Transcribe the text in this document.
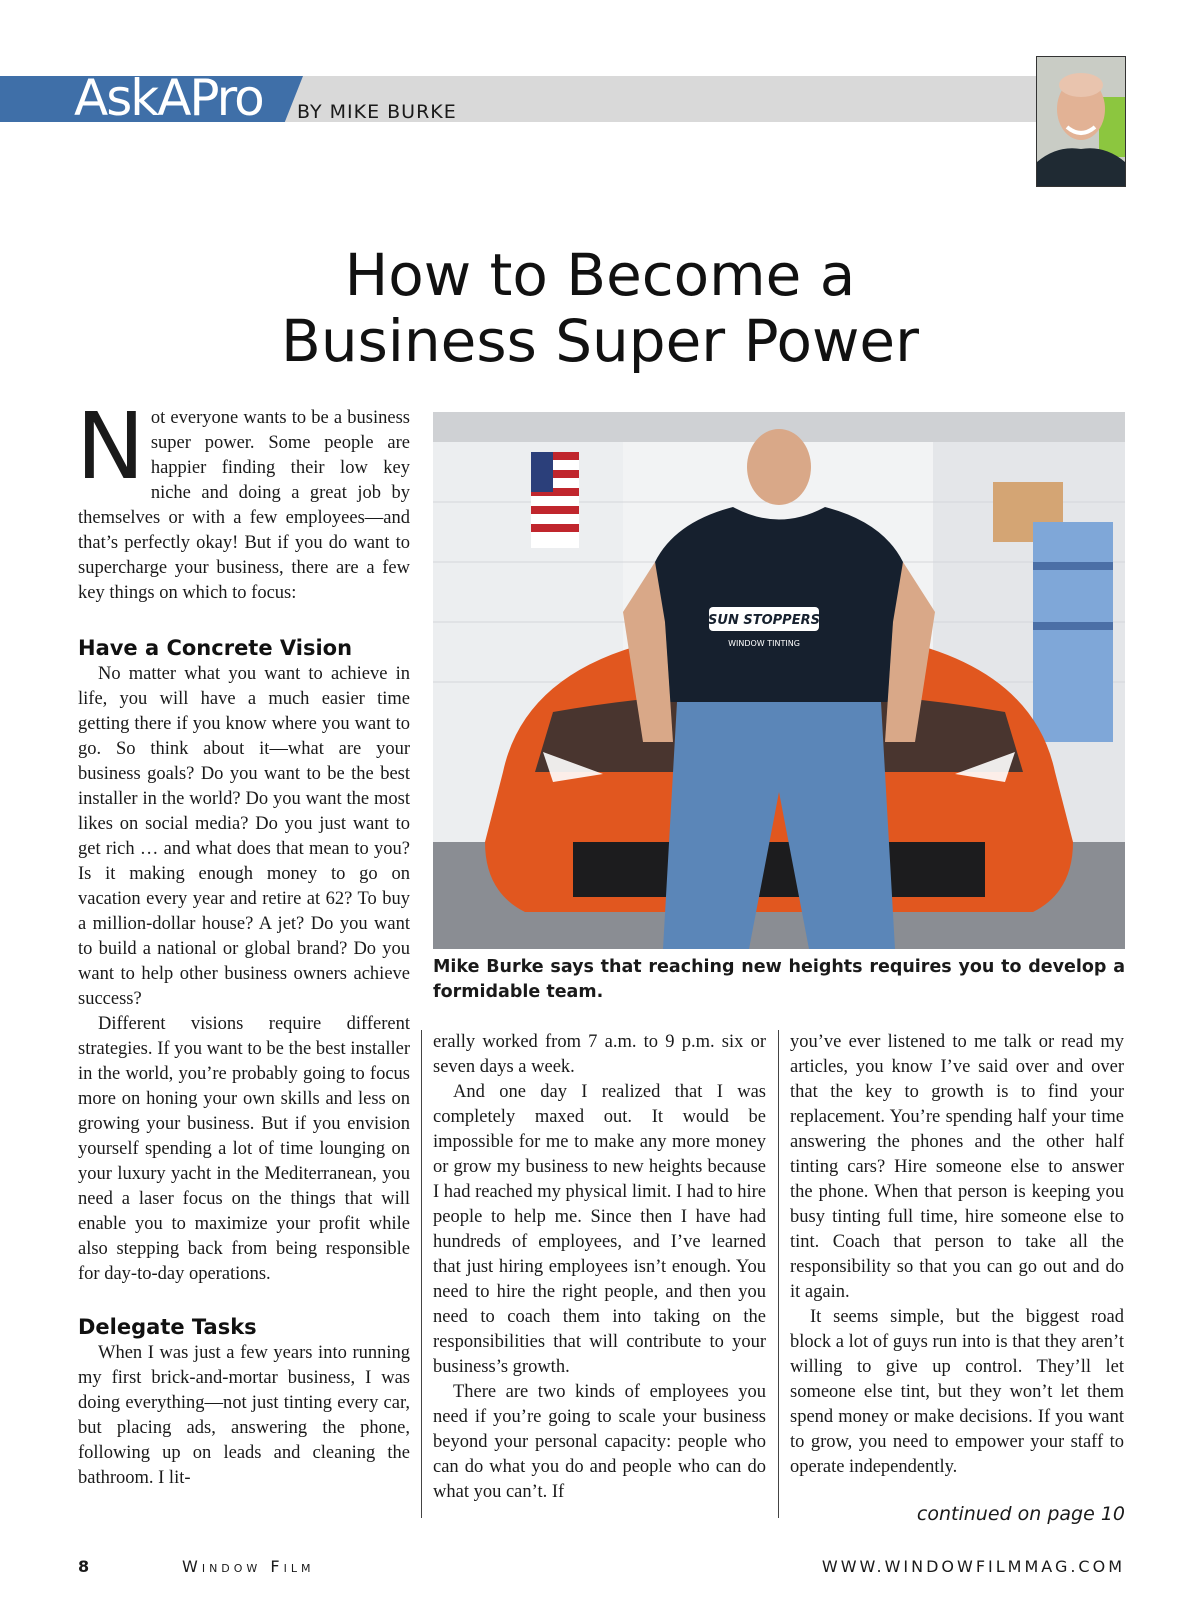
AskAPro BY MIKE BURKE
How to Become a
Business Super Power

Not everyone wants to be a business super power. Some people are happier finding their low key niche and doing a great job by themselves or with a few employees—and that’s perfectly okay! But if you do want to supercharge your business, there are a few key things on which to focus:

Have a Concrete Vision

No matter what you want to achieve in life, you will have a much easier time getting there if you know where you want to go. So think about it—what are your business goals? Do you want to be the best installer in the world? Do you want the most likes on social media? Do you just want to get rich … and what does that mean to you? Is it making enough money to go on vacation every year and retire at 62? To buy a million-dollar house? A jet? Do you want to build a national or global brand? Do you want to help other business owners achieve success?

Different visions require different strategies. If you want to be the best installer in the world, you’re probably going to focus more on honing your own skills and less on growing your business. But if you envision yourself spending a lot of time lounging on your luxury yacht in the Mediterranean, you need a laser focus on the things that will enable you to maximize your profit while also stepping back from being responsible for day-to-day operations.

Delegate Tasks

When I was just a few years into running my first brick-and-mortar business, I was doing everything—not just tinting every car, but placing ads, answering the phone, following up on leads and cleaning the bathroom. I lit-

SUN STOPPERS
WINDOW TINTING
Mike Burke says that reaching new heights requires you to develop a formidable team.

erally worked from 7 a.m. to 9 p.m. six or seven days a week.

And one day I realized that I was completely maxed out. It would be impossible for me to make any more money or grow my business to new heights because I had reached my physical limit. I had to hire people to help me. Since then I have had hundreds of employees, and I’ve learned that just hiring employees isn’t enough. You need to hire the right people, and then you need to coach them into taking on the responsibilities that will contribute to your business’s growth.

There are two kinds of employees you need if you’re going to scale your business beyond your personal capacity: people who can do what you do and people who can do what you can’t. If

you’ve ever listened to me talk or read my articles, you know I’ve said over and over that the key to growth is to find your replacement. You’re spending half your time answering the phones and the other half tinting cars? Hire someone else to answer the phone. When that person is keeping you busy tinting full time, hire someone else to tint. Coach that person to take all the responsibility so that you can go out and do it again.

It seems simple, but the biggest road block a lot of guys run into is that they aren’t willing to give up control. They’ll let someone else tint, but they won’t let them spend money or make decisions. If you want to grow, you need to empower your staff to operate independently.

continued on page 10
8	Window Film	WWW.WINDOWFILMMAG.COM
